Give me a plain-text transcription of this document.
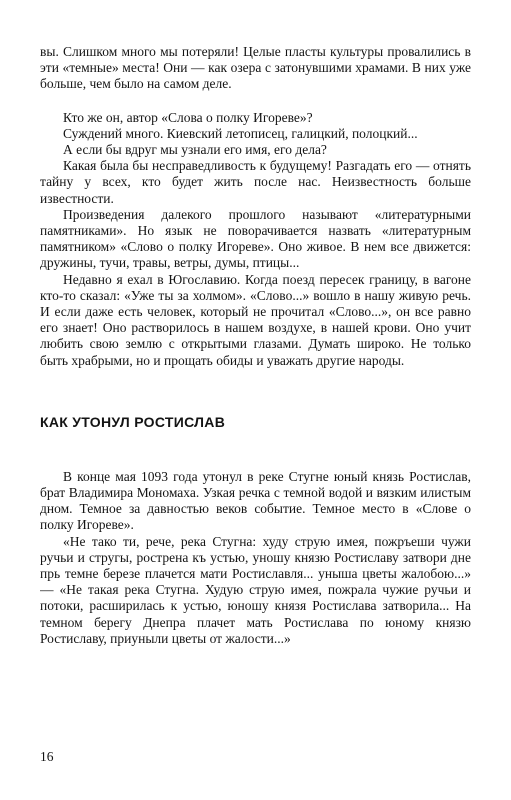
вы. Слишком много мы потеряли! Целые пласты культуры провалились в эти «темные» места! Они — как озера с затонувшими храмами. В них уже больше, чем было на самом деле.

Кто же он, автор «Слова о полку Игореве»?

Суждений много. Киевский летописец, галицкий, полоцкий...

А если бы вдруг мы узнали его имя, его дела?

Какая была бы несправедливость к будущему! Разгадать его — отнять тайну у всех, кто будет жить после нас. Неизвестность больше известности.

Произведения далекого прошлого называют «литературными памятниками». Но язык не поворачивается назвать «литературным памятником» «Слово о полку Игореве». Оно живое. В нем все движется: дружины, тучи, травы, ветры, думы, птицы...

Недавно я ехал в Югославию. Когда поезд пересек границу, в вагоне кто-то сказал: «Уже ты за холмом». «Слово...» вошло в нашу живую речь. И если даже есть человек, который не прочитал «Слово...», он все равно его знает! Оно растворилось в нашем воздухе, в нашей крови. Оно учит любить свою землю с открытыми глазами. Думать широко. Не только быть храбрыми, но и прощать обиды и уважать другие народы.

КАК УТОНУЛ РОСТИСЛАВ

В конце мая 1093 года утонул в реке Стугне юный князь Ростислав, брат Владимира Мономаха. Узкая речка с темной водой и вязким илистым дном. Темное за давностью веков событие. Темное место в «Слове о полку Игореве».

«Не тако ти, рече, река Стугна: худу струю имея, пожръеши чужи ручьи и стругы, рострена къ устью, уношу князю Ростиславу затвори дне прь темне березе плачется мати Ростиславля... уныша цветы жалобою...» — «Не такая река Стугна. Худую струю имея, пожрала чужие ручьи и потоки, расширилась к устью, юношу князя Ростислава затворила... На темном берегу Днепра плачет мать Ростислава по юному князю Ростиславу, приуныли цветы от жалости...»

16
